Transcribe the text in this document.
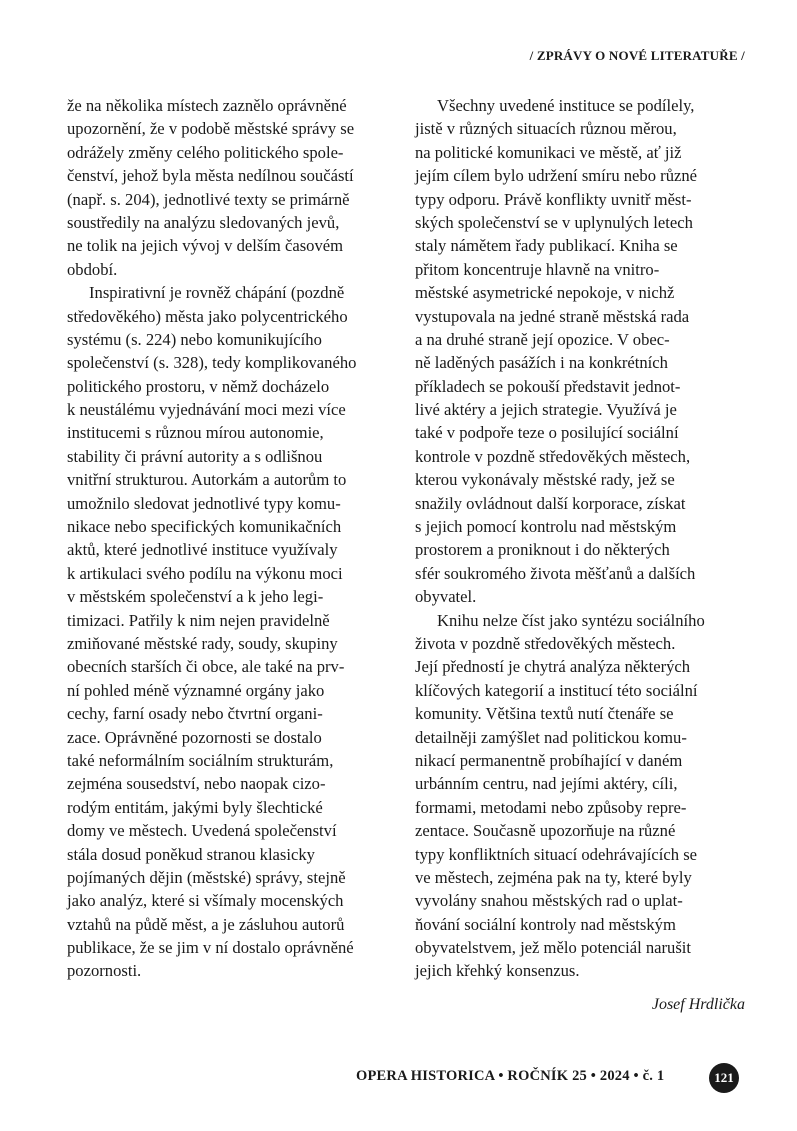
/ ZPRÁVY O NOVÉ LITERATUŘE /
že na několika místech zaznělo oprávněné
upozornění, že v podobě městské správy se
odrážely změny celého politického spole-
čenství, jehož byla města nedílnou součástí
(např. s. 204), jednotlivé texty se primárně
soustředily na analýzu sledovaných jevů,
ne tolik na jejich vývoj v delším časovém
období.
Inspirativní je rovněž chápání (pozdně
středověkého) města jako polycentrického
systému (s. 224) nebo komunikujícího
společenství (s. 328), tedy komplikovaného
politického prostoru, v němž docházelo
k neustálému vyjednávání moci mezi více
institucemi s různou mírou autonomie,
stability či právní autority a s odlišnou
vnitřní strukturou. Autorkám a autorům to
umožnilo sledovat jednotlivé typy komu-
nikace nebo specifických komunikačních
aktů, které jednotlivé instituce využívaly
k artikulaci svého podílu na výkonu moci
v městském společenství a k jeho legi-
timizaci. Patřily k nim nejen pravidelně
zmiňované městské rady, soudy, skupiny
obecních starších či obce, ale také na prv-
ní pohled méně významné orgány jako
cechy, farní osady nebo čtvrtní organi-
zace. Oprávněné pozornosti se dostalo
také neformálním sociálním strukturám,
zejména sousedství, nebo naopak cizo-
rodým entitám, jakými byly šlechtické
domy ve městech. Uvedená společenství
stála dosud poněkud stranou klasicky
pojímaných dějin (městské) správy, stejně
jako analýz, které si všímaly mocenských
vztahů na půdě měst, a je zásluhou autorů
publikace, že se jim v ní dostalo oprávněné
pozornosti.
Všechny uvedené instituce se podílely,
jistě v různých situacích různou měrou,
na politické komunikaci ve městě, ať již
jejím cílem bylo udržení smíru nebo různé
typy odporu. Právě konflikty uvnitř měst-
ských společenství se v uplynulých letech
staly námětem řady publikací. Kniha se
přitom koncentruje hlavně na vnitro-
městské asymetrické nepokoje, v nichž
vystupovala na jedné straně městská rada
a na druhé straně její opozice. V obec-
ně laděných pasážích i na konkrétních
příkladech se pokouší představit jednot-
livé aktéry a jejich strategie. Využívá je
také v podpoře teze o posilující sociální
kontrole v pozdně středověkých městech,
kterou vykonávaly městské rady, jež se
snažily ovládnout další korporace, získat
s jejich pomocí kontrolu nad městským
prostorem a proniknout i do některých
sfér soukromého života měšťanů a dalších
obyvatel.
Knihu nelze číst jako syntézu sociálního
života v pozdně středověkých městech.
Její předností je chytrá analýza některých
klíčových kategorií a institucí této sociální
komunity. Většina textů nutí čtenáře se
detailněji zamýšlet nad politickou komu-
nikací permanentně probíhající v daném
urbánním centru, nad jejími aktéry, cíli,
formami, metodami nebo způsoby repre-
zentace. Současně upozorňuje na různé
typy konfliktních situací odehrávajících se
ve městech, zejména pak na ty, které byly
vyvolány snahou městských rad o uplat-
ňování sociální kontroly nad městským
obyvatelstvem, jež mělo potenciál narušit
jejich křehký konsenzus.
Josef Hrdlička
OPERA HISTORICA • ROČNÍK 25 • 2024 • č. 1	121
